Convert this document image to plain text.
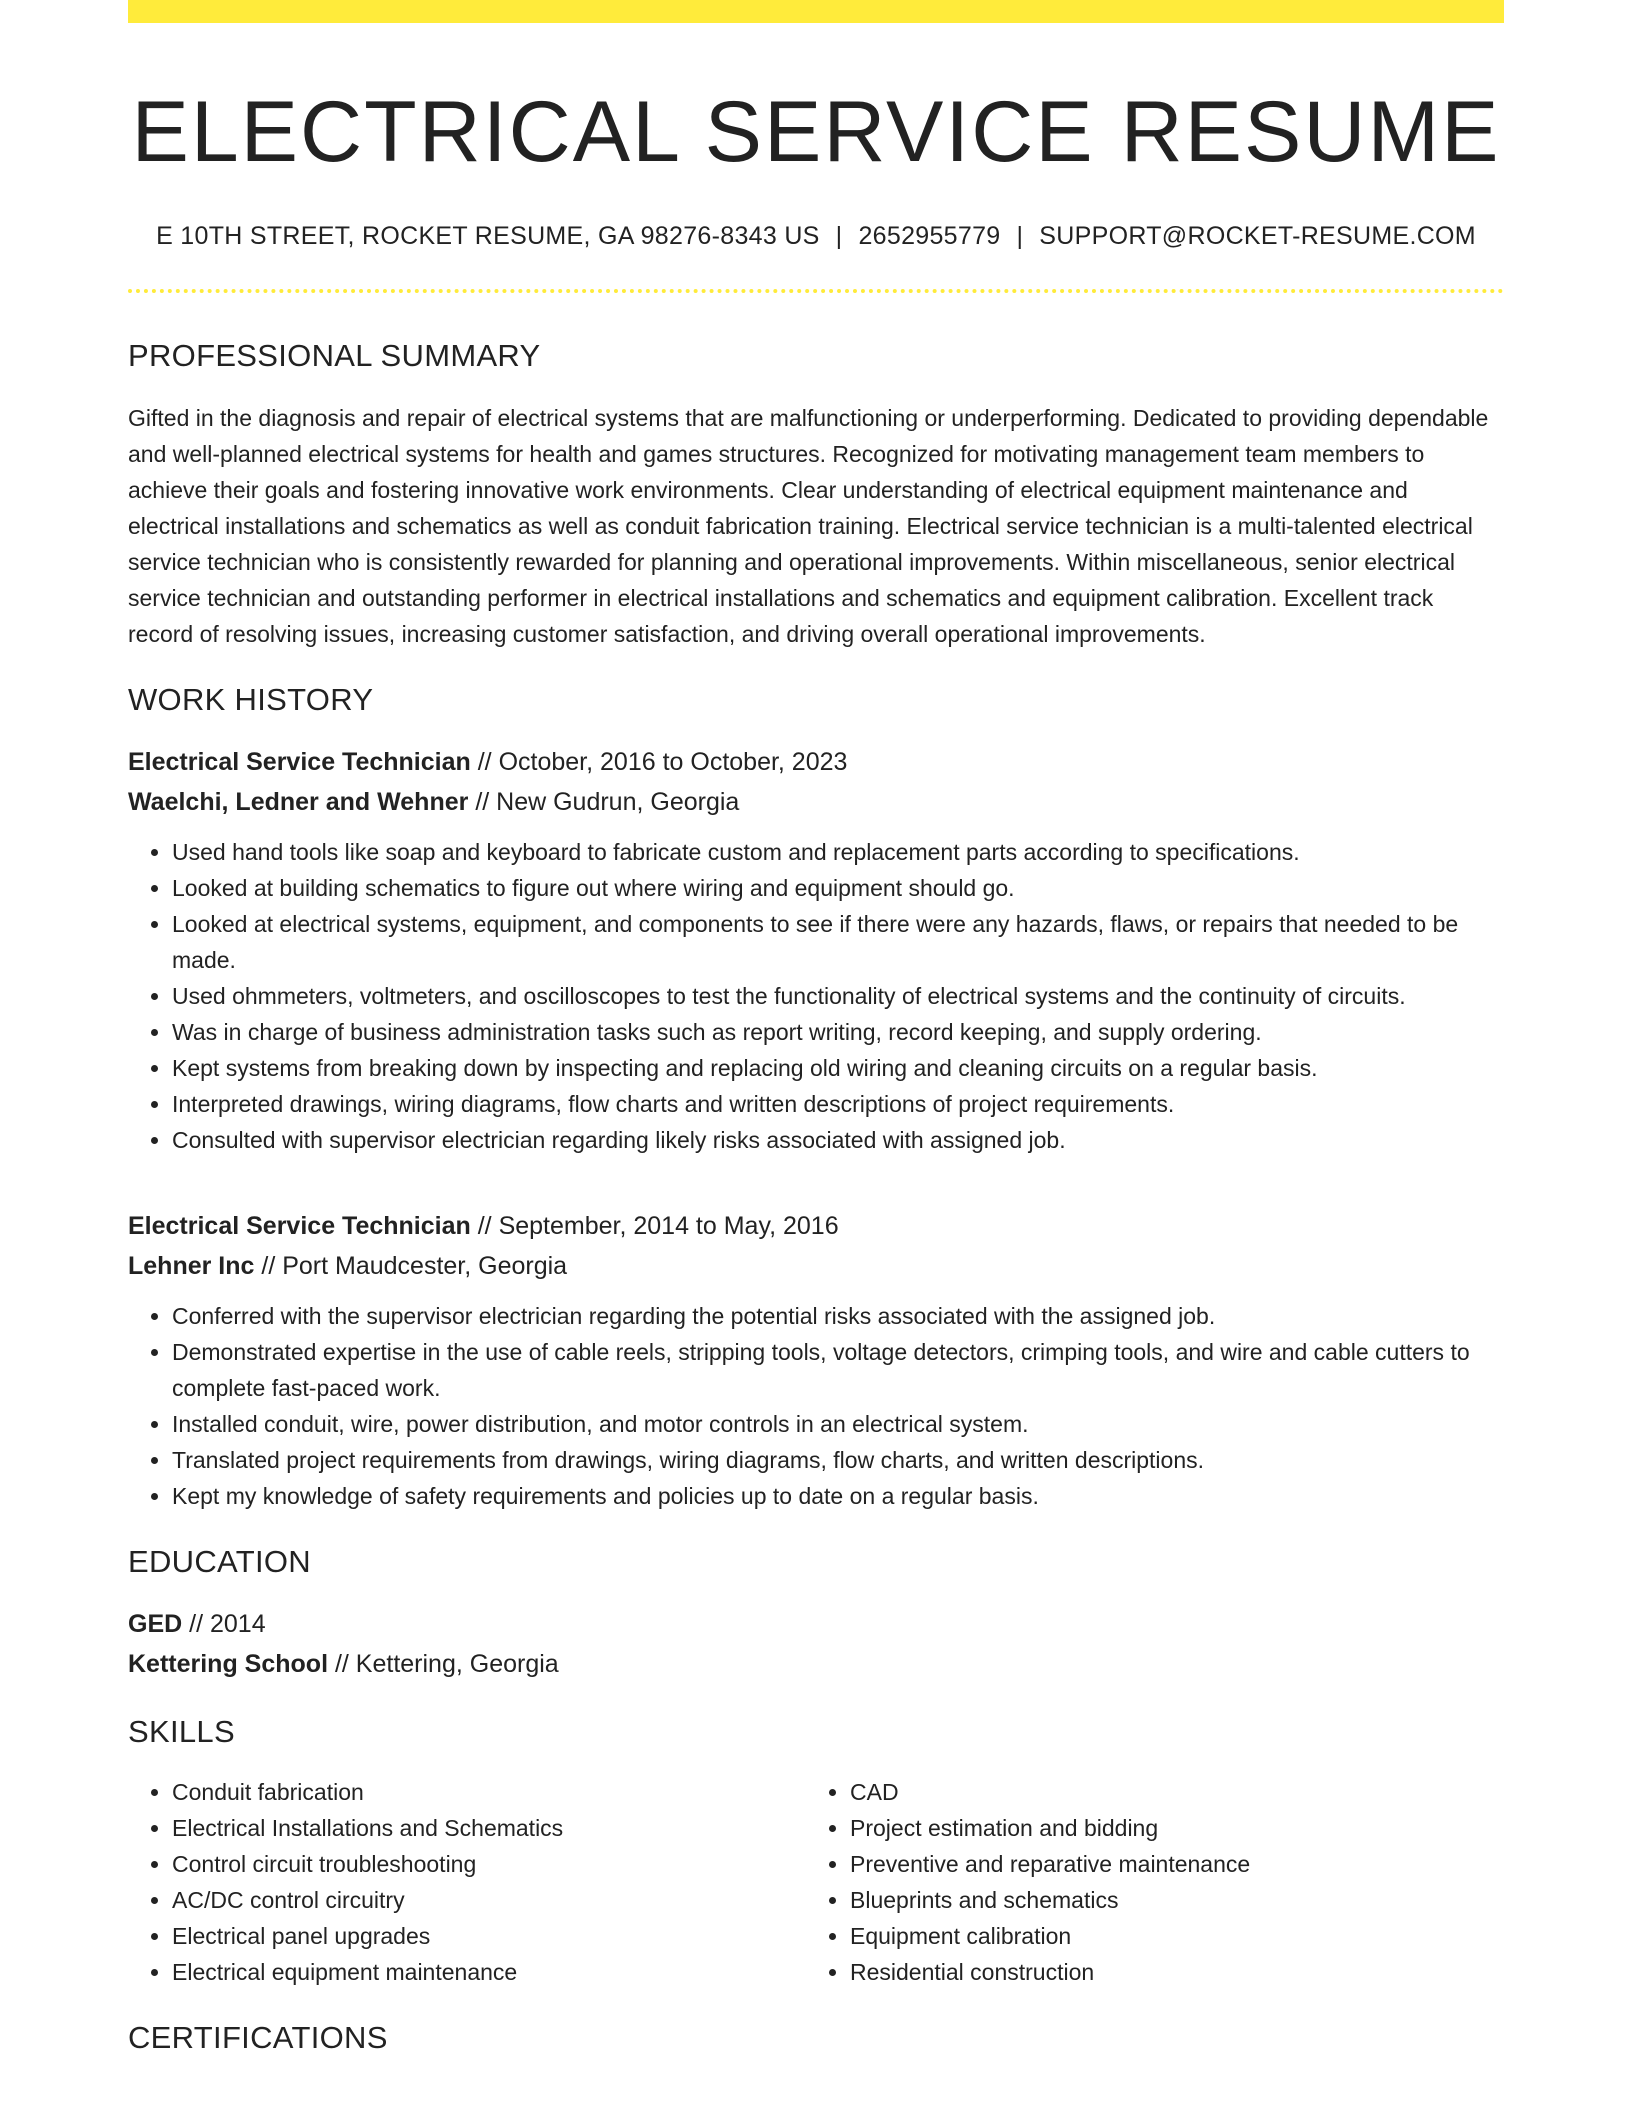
ELECTRICAL SERVICE RESUME
E 10TH STREET, ROCKET RESUME, GA 98276-8343 US | 2652955779 | SUPPORT@ROCKET-RESUME.COM
PROFESSIONAL SUMMARY

Gifted in the diagnosis and repair of electrical systems that are malfunctioning or underperforming. Dedicated to providing dependable and well-planned electrical systems for health and games structures. Recognized for motivating management team members to achieve their goals and fostering innovative work environments. Clear understanding of electrical equipment maintenance and electrical installations and schematics as well as conduit fabrication training. Electrical service technician is a multi-talented electrical service technician who is consistently rewarded for planning and operational improvements. Within miscellaneous, senior electrical service technician and outstanding performer in electrical installations and schematics and equipment calibration. Excellent track record of resolving issues, increasing customer satisfaction, and driving overall operational improvements.

WORK HISTORY
Electrical Service Technician // October, 2016 to October, 2023
Waelchi, Ledner and Wehner // New Gudrun, Georgia
• Used hand tools like soap and keyboard to fabricate custom and replacement parts according to specifications.
• Looked at building schematics to figure out where wiring and equipment should go.
• Looked at electrical systems, equipment, and components to see if there were any hazards, flaws, or repairs that needed to be made.
• Used ohmmeters, voltmeters, and oscilloscopes to test the functionality of electrical systems and the continuity of circuits.
• Was in charge of business administration tasks such as report writing, record keeping, and supply ordering.
• Kept systems from breaking down by inspecting and replacing old wiring and cleaning circuits on a regular basis.
• Interpreted drawings, wiring diagrams, flow charts and written descriptions of project requirements.
• Consulted with supervisor electrician regarding likely risks associated with assigned job.
Electrical Service Technician // September, 2014 to May, 2016
Lehner Inc // Port Maudcester, Georgia
• Conferred with the supervisor electrician regarding the potential risks associated with the assigned job.
• Demonstrated expertise in the use of cable reels, stripping tools, voltage detectors, crimping tools, and wire and cable cutters to complete fast-paced work.
• Installed conduit, wire, power distribution, and motor controls in an electrical system.
• Translated project requirements from drawings, wiring diagrams, flow charts, and written descriptions.
• Kept my knowledge of safety requirements and policies up to date on a regular basis.
EDUCATION
GED // 2014
Kettering School // Kettering, Georgia
SKILLS
• Conduit fabrication
• Electrical Installations and Schematics
• Control circuit troubleshooting
• AC/DC control circuitry
• Electrical panel upgrades
• Electrical equipment maintenance
• CAD
• Project estimation and bidding
• Preventive and reparative maintenance
• Blueprints and schematics
• Equipment calibration
• Residential construction
CERTIFICATIONS
